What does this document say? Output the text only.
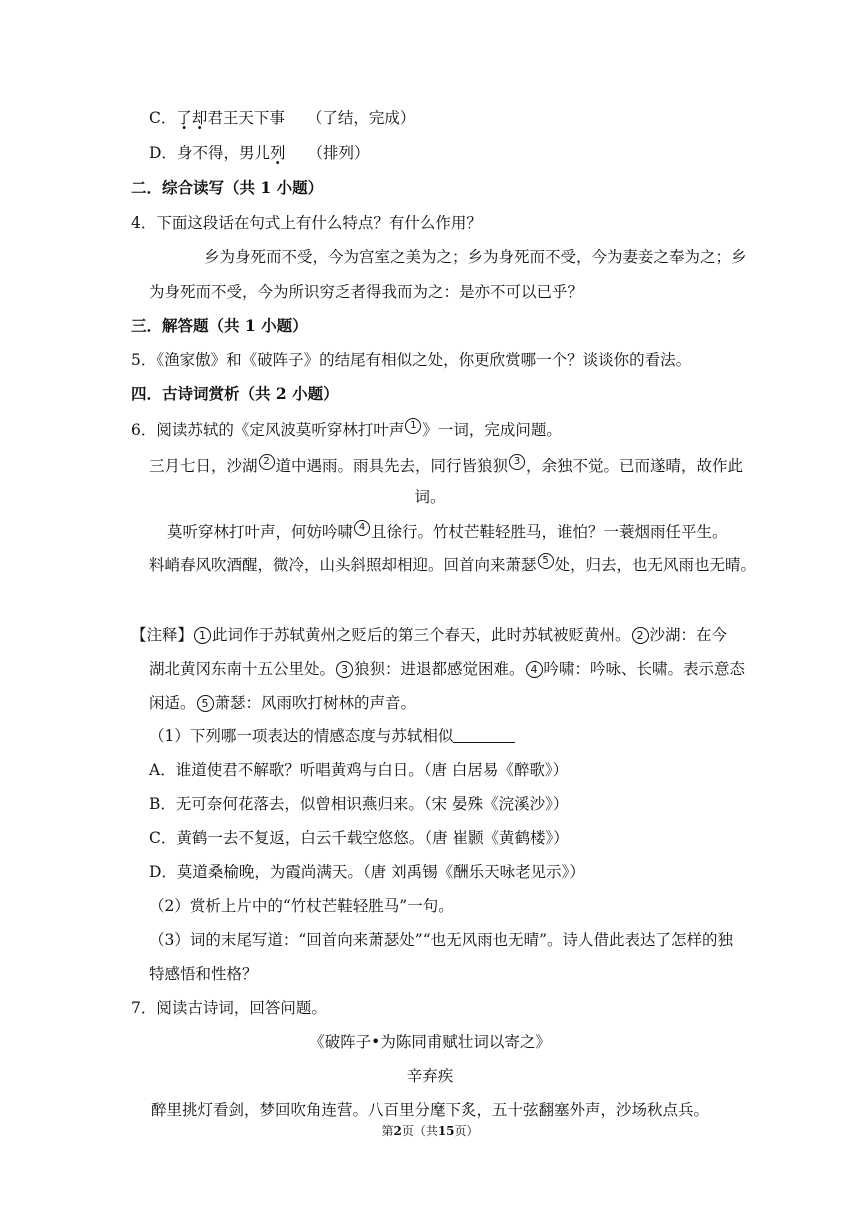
C．了却君王天下事 （了结，完成）
D．身不得，男儿列 （排列）
二．综合读写（共 1 小题）
4．下面这段话在句式上有什么特点？有什么作用？
乡为身死而不受，今为宫室之美为之；乡为身死而不受，今为妻妾之奉为之；乡
为身死而不受，今为所识穷乏者得我而为之：是亦不可以已乎？
三．解答题（共 1 小题）
5．《渔家傲》和《破阵子》的结尾有相似之处，你更欣赏哪一个？谈谈你的看法。
四．古诗词赏析（共 2 小题）
6．阅读苏轼的《定风波莫听穿林打叶声 1 》一词，完成问题。
三月七日，沙湖 2 道中遇雨。雨具先去，同行皆狼狈 3 ，余独不觉。已而遂晴，故作此
词。
莫听穿林打叶声，何妨吟啸 4 且徐行。竹杖芒鞋轻胜马，谁怕？一蓑烟雨任平生。
料峭春风吹酒醒，微冷，山头斜照却相迎。回首向来萧瑟 5 处，归去，也无风雨也无晴。
【注释】 1 此词作于苏轼黄州之贬后的第三个春天，此时苏轼被贬黄州。 2 沙湖：在今
湖北黄冈东南十五公里处。 3 狼狈：进退都感觉困难。 4 吟啸：吟咏、长啸。表示意态
闲适。 5 萧瑟：风雨吹打树林的声音。
（1）下列哪一项表达的情感态度与苏轼相似
A．谁道使君不解歌？听唱黄鸡与白日。（唐 白居易《醉歌》）
B．无可奈何花落去，似曾相识燕归来。（宋 晏殊《浣溪沙》）
C．黄鹤一去不复返，白云千载空悠悠。（唐 崔颢《黄鹤楼》）
D．莫道桑榆晚，为霞尚满天。（唐 刘禹锡《酬乐天咏老见示》）
（2）赏析上片中的“竹杖芒鞋轻胜马”一句。
（3）词的末尾写道：“回首向来萧瑟处”“也无风雨也无晴”。诗人借此表达了怎样的独
特感悟和性格？
7．阅读古诗词，回答问题。
《破阵子•为陈同甫赋壮词以寄之》
辛弃疾
醉里挑灯看剑，梦回吹角连营。八百里分麾下炙，五十弦翻塞外声，沙场秋点兵。
第2页（共15页）
